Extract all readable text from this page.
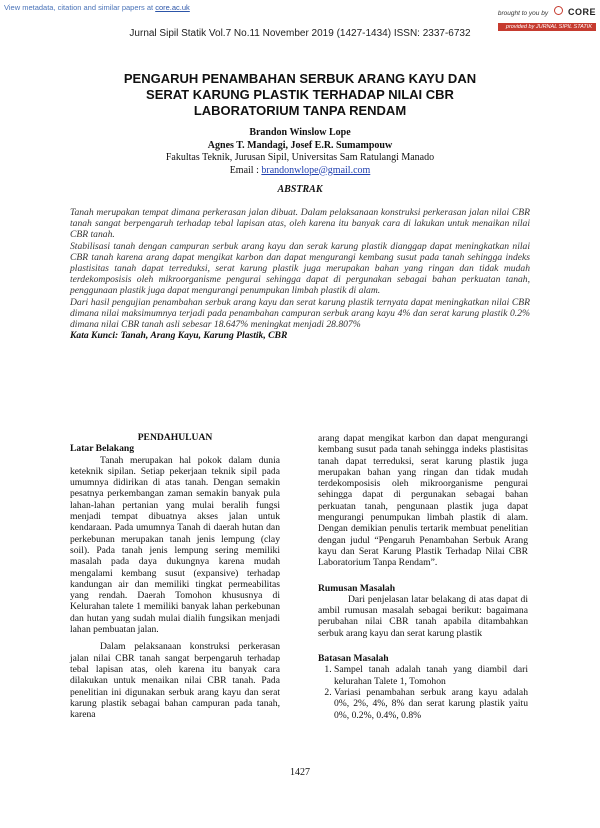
View metadata, citation and similar papers at core.ac.uk
brought to you by CORE
provided by JURNAL SIPIL STATIK
Jurnal Sipil Statik Vol.7 No.11 November 2019 (1427-1434) ISSN: 2337-6732
PENGARUH PENAMBAHAN SERBUK ARANG KAYU DAN
SERAT KARUNG PLASTIK TERHADAP NILAI CBR
LABORATORIUM TANPA RENDAM
Brandon Winslow Lope
Agnes T. Mandagi, Josef E.R. Sumampouw
Fakultas Teknik, Jurusan Sipil, Universitas Sam Ratulangi Manado
Email : brandonwlope@gmail.com
ABSTRAK

Tanah merupakan tempat dimana perkerasan jalan dibuat. Dalam pelaksanaan konstruksi perkerasan jalan nilai CBR tanah sangat berpengaruh terhadap tebal lapisan atas, oleh karena itu banyak cara di lakukan untuk menaikan nilai CBR tanah.

Stabilisasi tanah dengan campuran serbuk arang kayu dan serak karung plastik dianggap dapat meningkatkan nilai CBR tanah karena arang dapat mengikat karbon dan dapat mengurangi kembang susut pada tanah sehingga indeks plastisitas tanah dapat terreduksi, serat karung plastik juga merupakan bahan yang ringan dan tidak mudah terdekomposisis oleh mikroorganisme pengurai sehingga dapat di pergunakan sebagai bahan perkuatan tanah, penggunaan plastik juga dapat mengurangi penumpukan limbah plastik di alam.

Dari hasil pengujian penambahan serbuk arang kayu dan serat karung plastik ternyata dapat meningkatkan nilai CBR dimana nilai maksimumnya terjadi pada penambahan campuran serbuk arang kayu 4% dan serat karung plastik 0.2% dimana nilai CBR tanah asli sebesar 18.647% meningkat menjadi 28.807%

Kata Kunci: Tanah, Arang Kayu, Karung Plastik, CBR

PENDAHULUAN

Latar Belakang

Tanah merupakan hal pokok dalam dunia keteknik sipilan. Setiap pekerjaan teknik sipil pada umumnya didirikan di atas tanah. Dengan semakin pesatnya perkembangan zaman semakin banyak pula lahan-lahan pertanian yang mulai beralih fungsi menjadi tempat dibuatnya akses jalan untuk kendaraan. Pada umumnya Tanah di daerah hutan dan perkebunan merupakan tanah jenis lempung (clay soil). Pada tanah jenis lempung sering memiliki masalah pada daya dukungnya karena mudah mengalami kembang susut (expansive) terhadap kandungan air dan memiliki tingkat permeabilitas yang rendah. Daerah Tomohon khususnya di Kelurahan talete 1 memiliki banyak lahan perkebunan dan hutan yang sudah mulai dialih fungsikan menjadi lahan pembuatan jalan.

Dalam pelaksanaan konstruksi perkerasan jalan nilai CBR tanah sangat berpengaruh terhadap tebal lapisan atas, oleh karena itu banyak cara dilakukan untuk menaikan nilai CBR tanah. Pada penelitian ini digunakan serbuk arang kayu dan serat karung plastik sebagai bahan campuran pada tanah, karena

arang dapat mengikat karbon dan dapat mengurangi kembang susut pada tanah sehingga indeks plastisitas tanah dapat terreduksi, serat karung plastik juga merupakan bahan yang ringan dan tidak mudah terdekomposisis oleh mikroorganisme pengurai sehingga dapat di pergunakan sebagai bahan perkuatan tanah, pengunaan plastik juga dapat mengurangi penumpukan limbah plastik di alam. Dengan demikian penulis tertarik membuat penelitian dengan judul “Pengaruh Penambahan Serbuk Arang kayu dan Serat Karung Plastik Terhadap Nilai CBR Laboratorium Tanpa Rendam”.

Rumusan Masalah

Dari penjelasan latar belakang di atas dapat di ambil rumusan masalah sebagai berikut: bagaimana perubahan nilai CBR tanah apabila ditambahkan serbuk arang kayu dan serat karung plastik

Batasan Masalah

1. Sampel tanah adalah tanah yang diambil dari kelurahan Talete 1, Tomohon
2. Variasi penambahan serbuk arang kayu adalah 0%, 2%, 4%, 8% dan serat karung plastik yaitu 0%, 0.2%, 0.4%, 0.8%
1427
